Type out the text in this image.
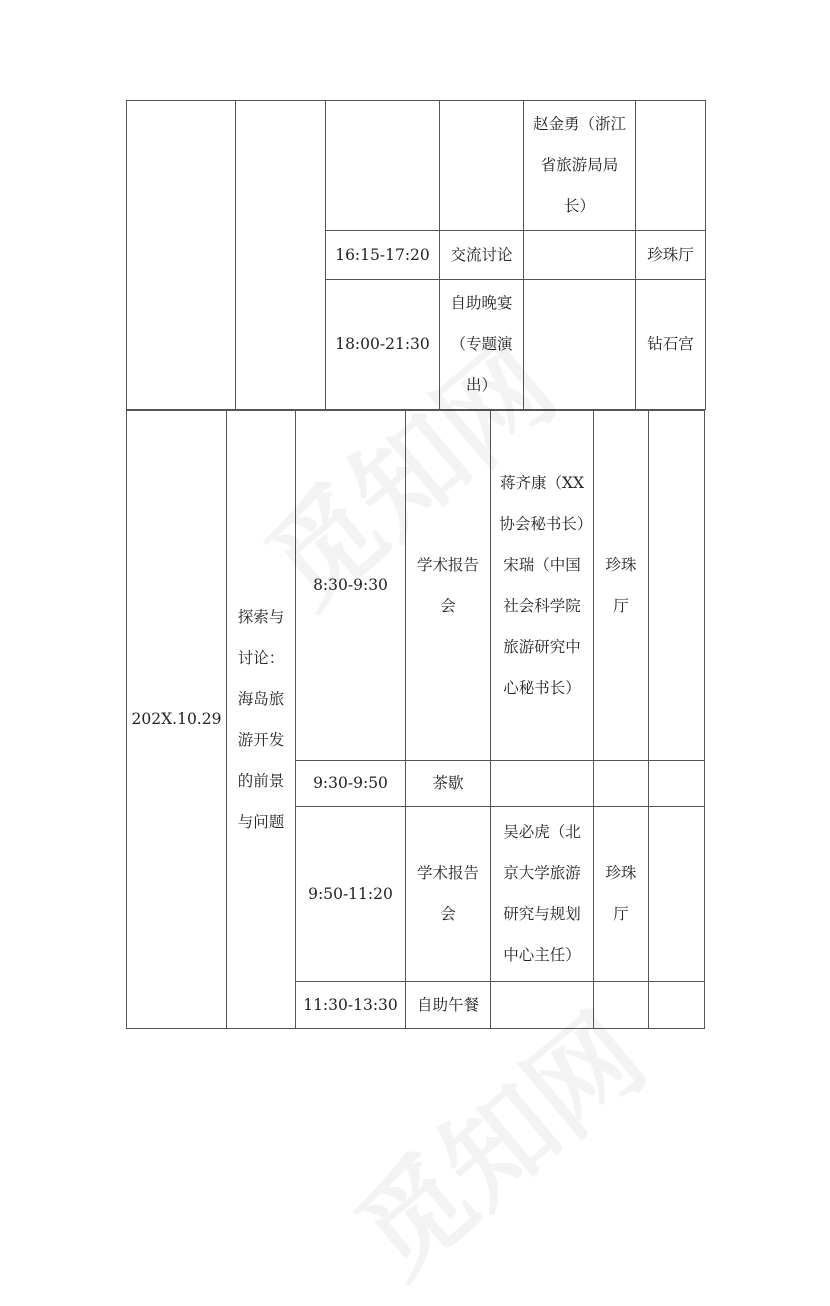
				赵金勇（浙江省旅游局局长）	
		16:15-17:20	交流讨论		珍珠厅
		18:00-21:30	自助晚宴（专题演出）		钻石宫
202X.10.29	探索与讨论：海岛旅游开发的前景与问题	8:30-9:30	学术报告会	蒋齐康（XX 协会秘书长）宋瑞（中国社会科学院旅游研究中心秘书长）	珍珠厅	
		9:30-9:50	茶歇			
		9:50-11:20	学术报告会	吴必虎（北京大学旅游研究与规划中心主任）	珍珠厅	
		11:30-13:30	自助午餐			
